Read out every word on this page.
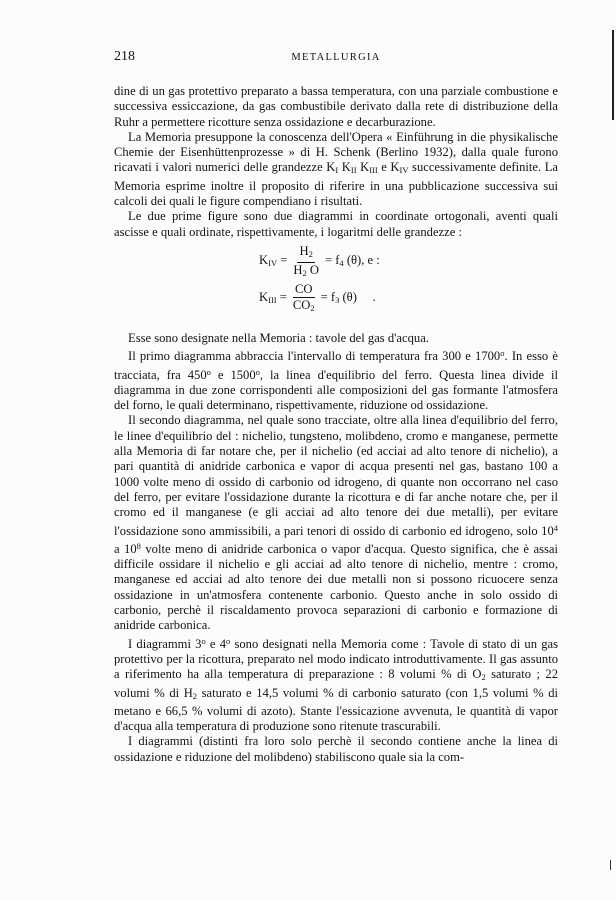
218	METALLURGIA

dine di un gas protettivo preparato a bassa temperatura, con una parziale combustione e successiva essiccazione, da gas combustibile derivato dalla rete di distribuzione della Ruhr a permettere ricotture senza ossidazione e decarburazione.

La Memoria presuppone la conoscenza dell'Opera « Einführung in die physikalische Chemie der Eisenhüttenprozesse » di H. Schenk (Berlino 1932), dalla quale furono ricavati i valori numerici delle grandezze $K_I$ $K_{II}$ $K_{III}$ e $K_{IV}$ successivamente definite. La Memoria esprime inoltre il proposito di riferire in una pubblicazione successiva sui calcoli dei quali le figure compendiano i risultati.

Le due prime figure sono due diagrammi in coordinate ortogonali, aventi quali ascisse e quali ordinate, rispettivamente, i logaritmi delle grandezze :

$K_{IV} = \frac{H_2}{H_2 O} = f_4$ (θ), e :
$K_{III} = \frac{CO}{CO_2} = f_3$ (θ)     .

Esse sono designate nella Memoria : tavole del gas d'acqua.

Il primo diagramma abbraccia l'intervallo di temperatura fra 300 e 1700$^o$. In esso è tracciata, fra 450$^o$ e 1500$^o$, la linea d'equilibrio del ferro. Questa linea divide il diagramma in due zone corrispondenti alle composizioni del gas formante l'atmosfera del forno, le quali determinano, rispettivamente, riduzione od ossidazione.

Il secondo diagramma, nel quale sono tracciate, oltre alla linea d'equilibrio del ferro, le linee d'equilibrio del : nichelio, tungsteno, molibdeno, cromo e manganese, permette alla Memoria di far notare che, per il nichelio (ed acciai ad alto tenore di nichelio), a pari quantità di anidride carbonica e vapor di acqua presenti nel gas, bastano 100 a 1000 volte meno di ossido di carbonio od idrogeno, di quante non occorrano nel caso del ferro, per evitare l'ossidazione durante la ricottura e di far anche notare che, per il cromo ed il manganese (e gli acciai ad alto tenore dei due metalli), per evitare l'ossidazione sono ammissibili, a pari tenori di ossido di carbonio ed idrogeno, solo $10^4$ a $10^8$ volte meno di anidride carbonica o vapor d'acqua. Questo significa, che è assai difficile ossidare il nichelio e gli acciai ad alto tenore di nichelio, mentre : cromo, manganese ed acciai ad alto tenore dei due metalli non si possono ricuocere senza ossidazione in un'atmosfera contenente carbonio. Questo anche in solo ossido di carbonio, perchè il riscaldamento provoca separazioni di carbonio e formazione di anidride carbonica.

I diagrammi 3$^o$ e 4$^o$ sono designati nella Memoria come : Tavole di stato di un gas protettivo per la ricottura, preparato nel modo indicato introduttivamente. Il gas assunto a riferimento ha alla temperatura di preparazione : 8 volumi % di $O_2$ saturato ; 22 volumi % di $H_2$ saturato e 14,5 volumi % di carbonio saturato (con 1,5 volumi % di metano e 66,5 % volumi di azoto). Stante l'essicazione avvenuta, le quantità di vapor d'acqua alla temperatura di produzione sono ritenute trascurabili.

I diagrammi (distinti fra loro solo perchè il secondo contiene anche la linea di ossidazione e riduzione del molibdeno) stabiliscono quale sia la com-
